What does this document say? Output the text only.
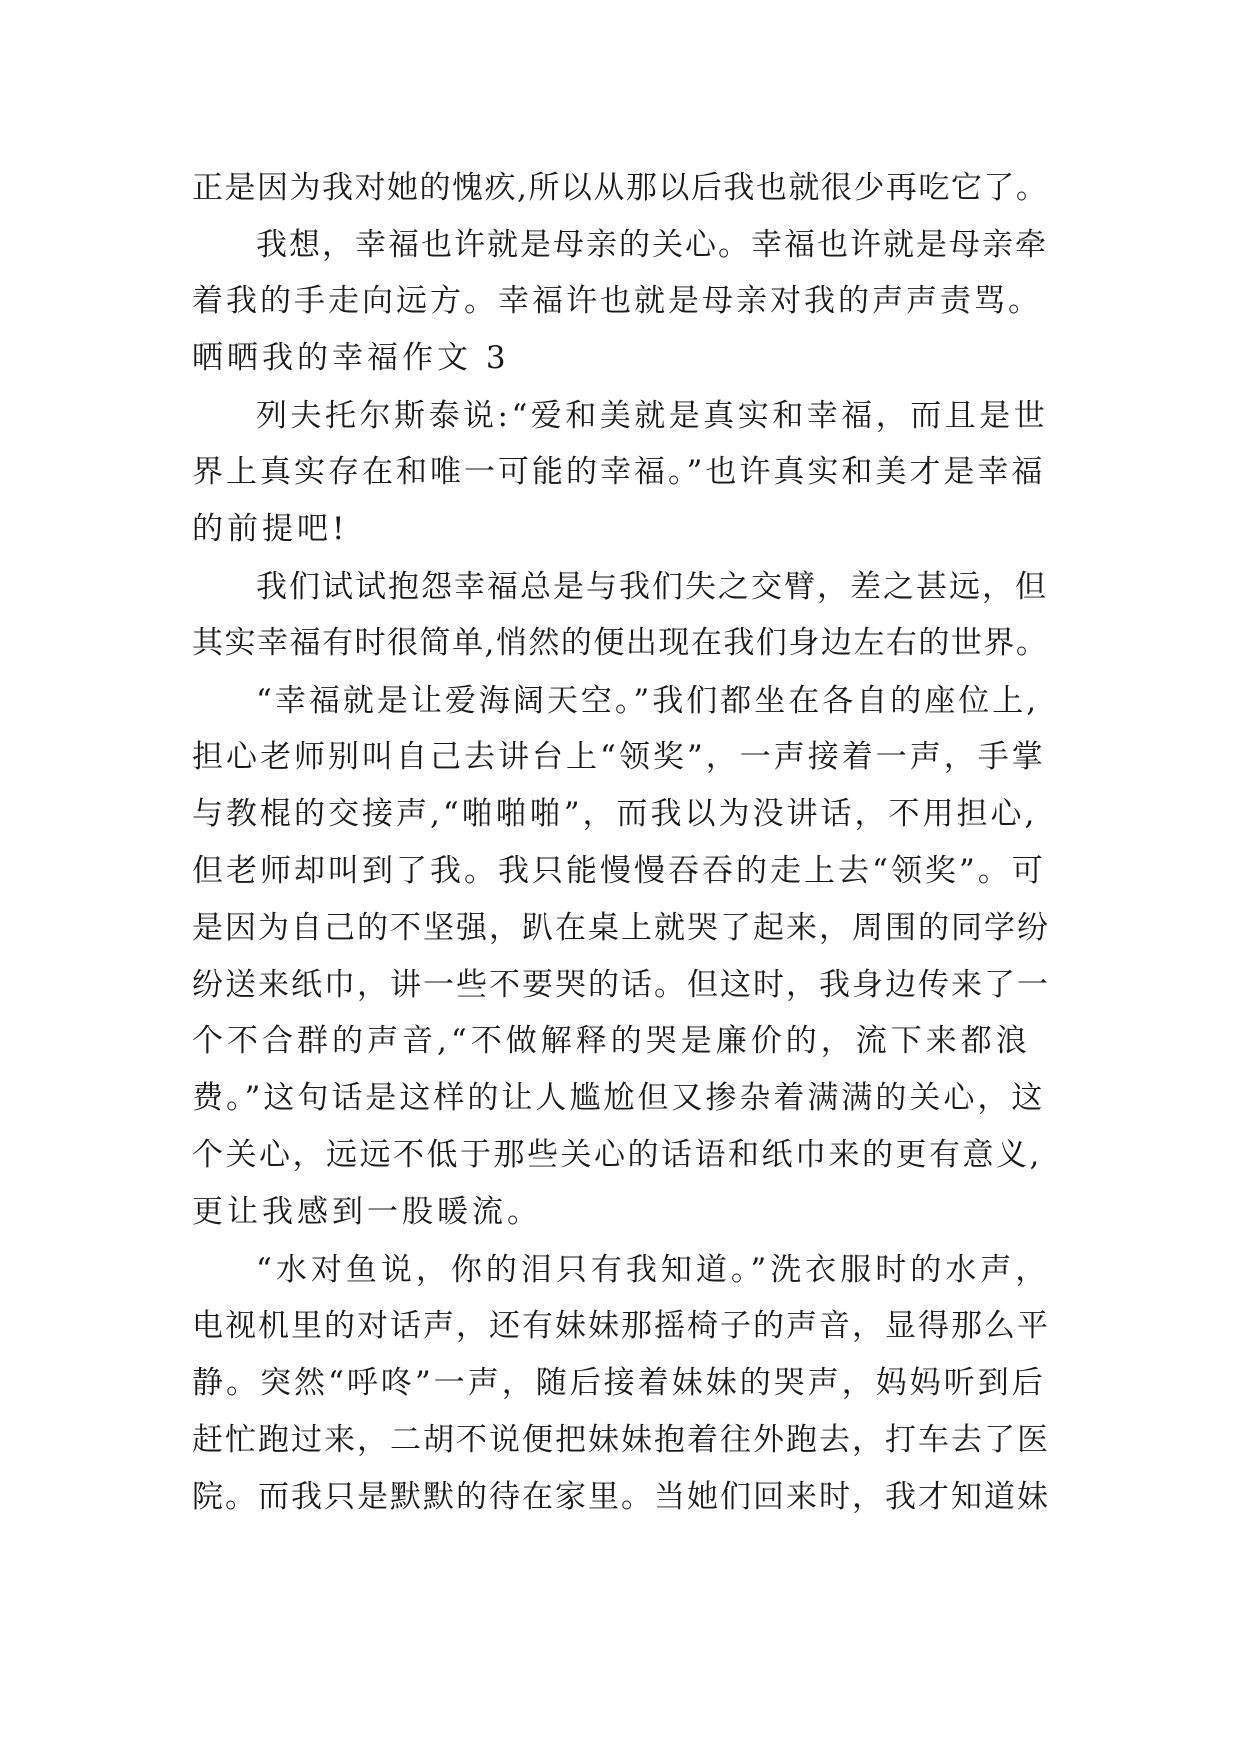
正是因为我对她的愧疚,所以从那以后我也就很少再吃它了。
我想，幸福也许就是母亲的关心。幸福也许就是母亲牵
着我的手走向远方。幸福许也就是母亲对我的声声责骂。
晒晒我的幸福作文 3
列夫托尔斯泰说:“爱和美就是真实和幸福，而且是世
界上真实存在和唯一可能的幸福。”也许真实和美才是幸福
的前提吧!
我们试试抱怨幸福总是与我们失之交臂，差之甚远，但
其实幸福有时很简单,悄然的便出现在我们身边左右的世界。
“幸福就是让爱海阔天空。”我们都坐在各自的座位上,
担心老师别叫自己去讲台上“领奖”，一声接着一声，手掌
与教棍的交接声,“啪啪啪”，而我以为没讲话，不用担心,
但老师却叫到了我。我只能慢慢吞吞的走上去“领奖”。可
是因为自己的不坚强，趴在桌上就哭了起来，周围的同学纷
纷送来纸巾，讲一些不要哭的话。但这时，我身边传来了一
个不合群的声音,“不做解释的哭是廉价的，流下来都浪
费。”这句话是这样的让人尴尬但又掺杂着满满的关心，这
个关心，远远不低于那些关心的话语和纸巾来的更有意义,
更让我感到一股暖流。
“水对鱼说，你的泪只有我知道。”洗衣服时的水声，
电视机里的对话声，还有妹妹那摇椅子的声音，显得那么平
静。突然“呼咚”一声，随后接着妹妹的哭声，妈妈听到后
赶忙跑过来，二胡不说便把妹妹抱着往外跑去，打车去了医
院。而我只是默默的待在家里。当她们回来时，我才知道妹
